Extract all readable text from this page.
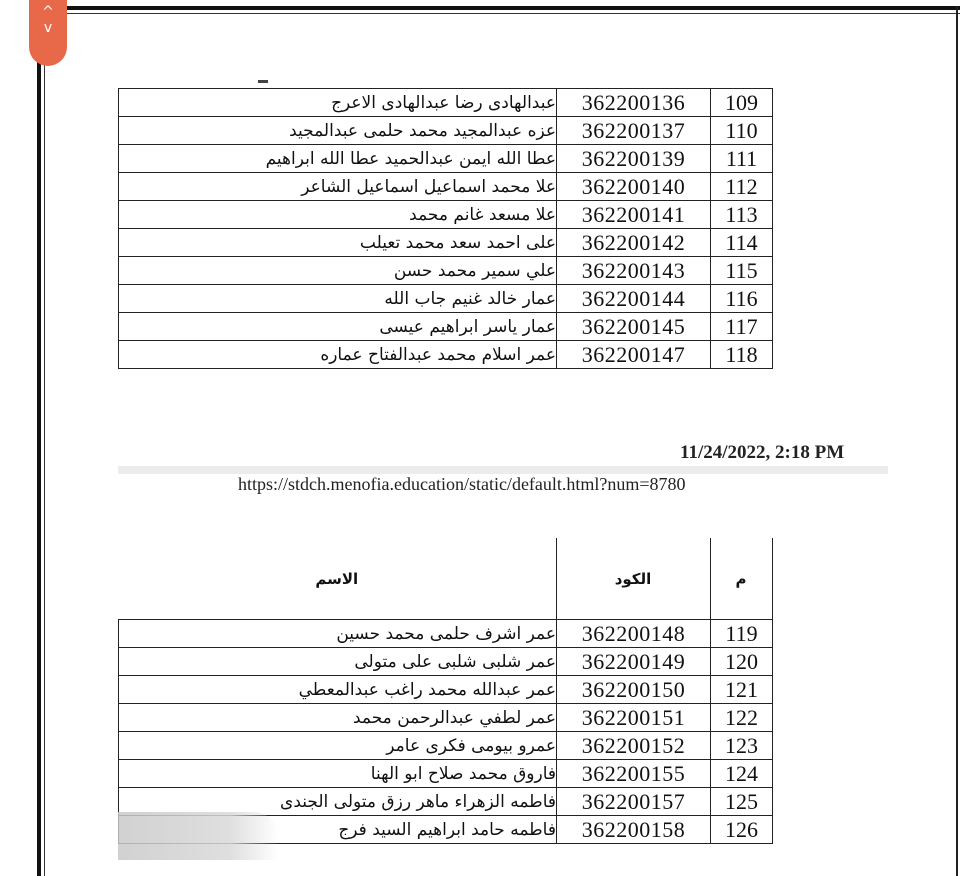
^
v
عبدالهادى رضا عبدالهادى الاعرج	362200136	109
عزه عبدالمجيد محمد حلمى عبدالمجيد	362200137	110
عطا الله ايمن عبدالحميد عطا الله ابراهيم	362200139	111
علا محمد اسماعيل اسماعيل الشاعر	362200140	112
علا مسعد غانم محمد	362200141	113
على احمد سعد محمد تعيلب	362200142	114
علي سمير محمد حسن	362200143	115
عمار خالد غنيم جاب الله	362200144	116
عمار ياسر ابراهيم عيسى	362200145	117
عمر اسلام محمد عبدالفتاح عماره	362200147	118
11/24/2022, 2:18 PM
https://stdch.menofia.education/static/default.html?num=8780
الاسم	الكود	م
عمر اشرف حلمى محمد حسين	362200148	119
عمر شلبى شلبى على متولى	362200149	120
عمر عبدالله محمد راغب عبدالمعطي	362200150	121
عمر لطفي عبدالرحمن محمد	362200151	122
عمرو بيومى فكرى عامر	362200152	123
فاروق محمد صلاح ابو الهنا	362200155	124
فاطمه الزهراء ماهر رزق متولى الجندى	362200157	125
فاطمه حامد ابراهيم السيد فرج	362200158	126
